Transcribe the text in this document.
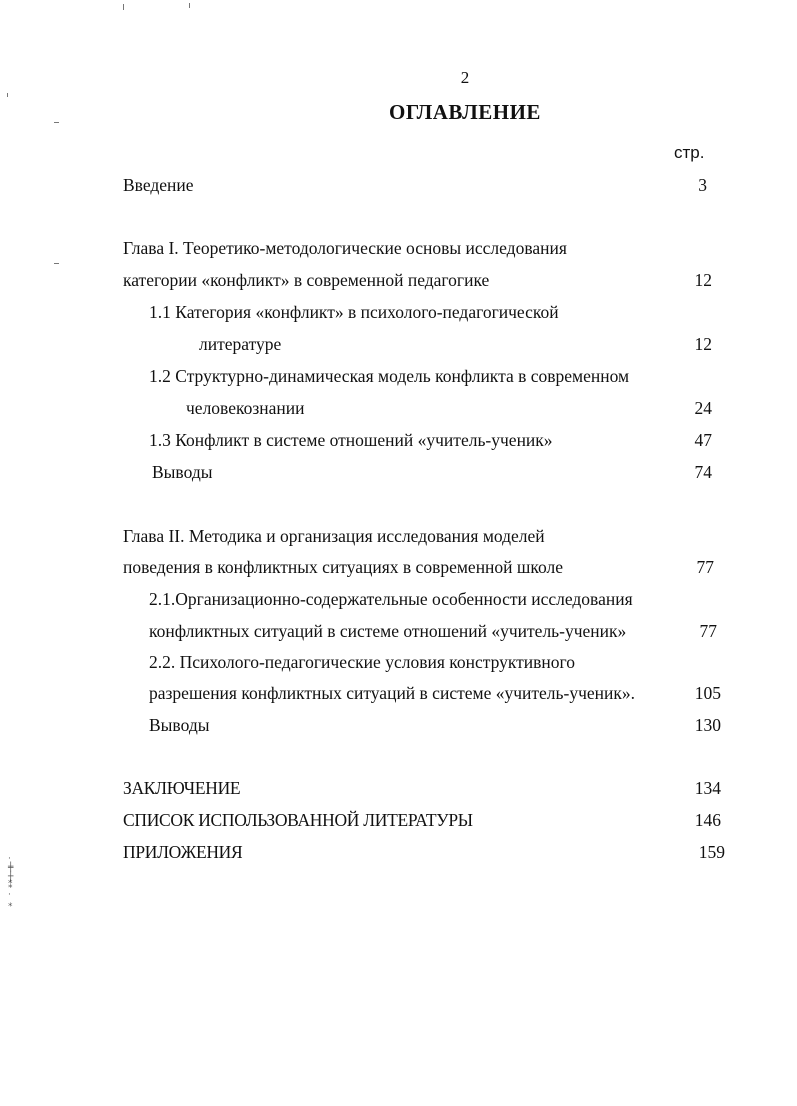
·
╪
┼
⁑
·
⁎
2
ОГЛАВЛЕНИЕ
стр.
Введение	3
Глава I. Теоретико-методологические основы исследования
категории «конфликт» в современной педагогике	12
1.1 Категория «конфликт» в психолого-педагогической
литературе	12
1.2 Структурно-динамическая модель конфликта в современном
человекознании	24
1.3 Конфликт в системе отношений «учитель-ученик»	47
Выводы	74
Глава II. Методика и организация исследования моделей
поведения в конфликтных ситуациях в современной школе	77
2.1.Организационно-содержательные особенности исследования
конфликтных ситуаций в системе отношений «учитель-ученик»	77
2.2. Психолого-педагогические условия конструктивного
разрешения конфликтных ситуаций в системе «учитель-ученик».	105
Выводы	130
ЗАКЛЮЧЕНИЕ	134
СПИСОК ИСПОЛЬЗОВАННОЙ ЛИТЕРАТУРЫ	146
ПРИЛОЖЕНИЯ	159
